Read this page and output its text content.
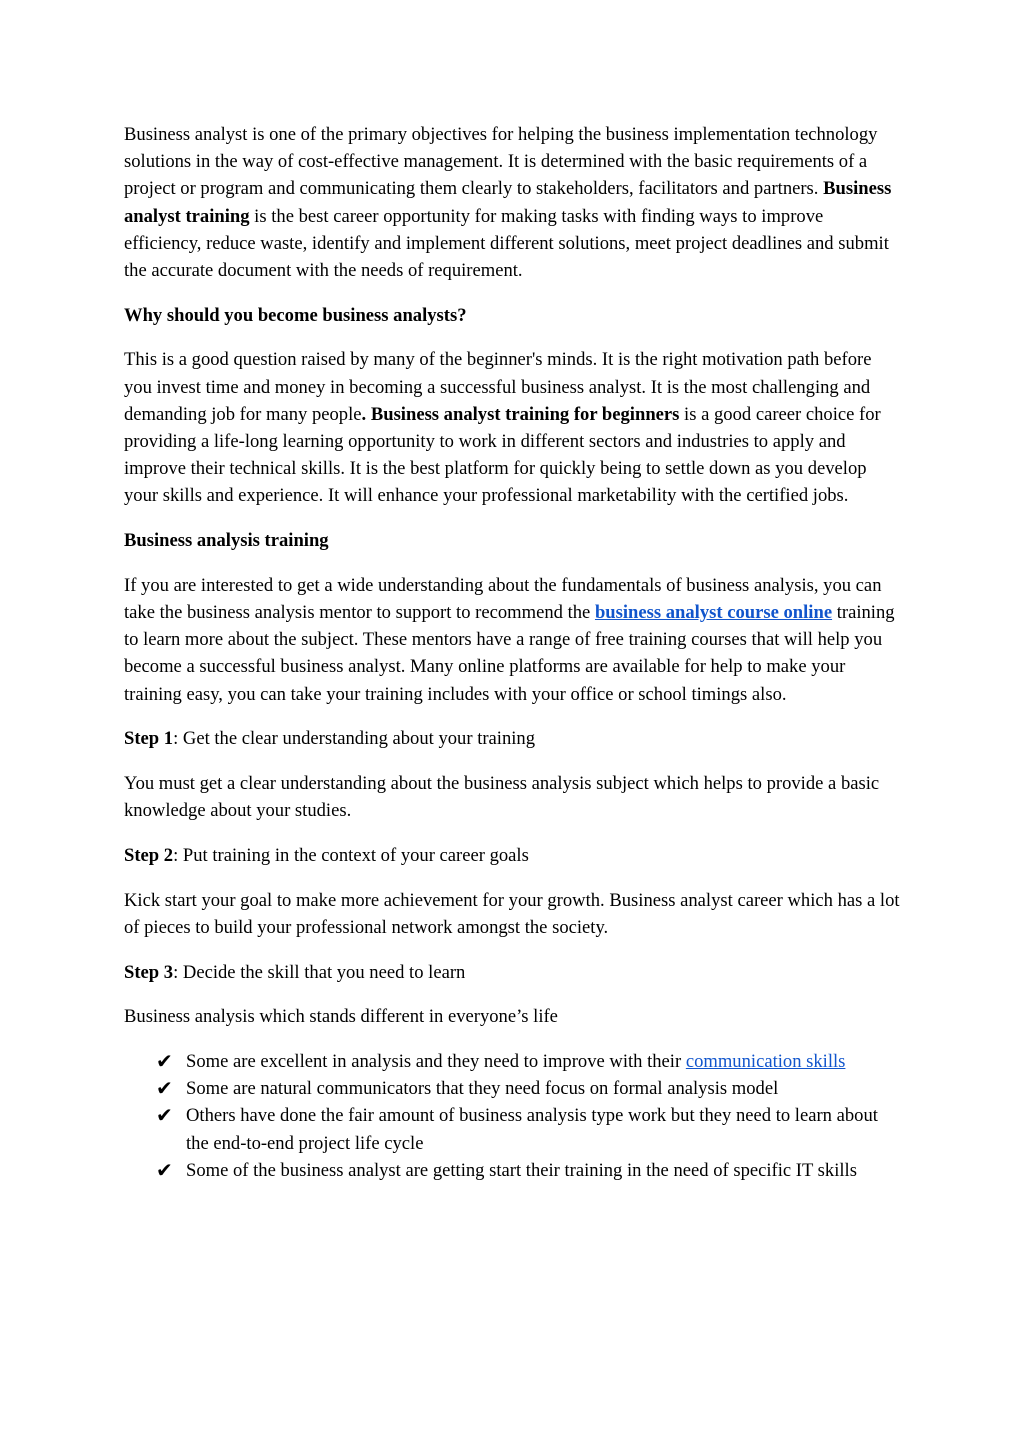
Business analyst is one of the primary objectives for helping the business implementation technology solutions in the way of cost-effective management. It is determined with the basic requirements of a project or program and communicating them clearly to stakeholders, facilitators and partners. Business analyst training is the best career opportunity for making tasks with finding ways to improve efficiency, reduce waste, identify and implement different solutions, meet project deadlines and submit the accurate document with the needs of requirement.

Why should you become business analysts?

This is a good question raised by many of the beginner's minds. It is the right motivation path before you invest time and money in becoming a successful business analyst. It is the most challenging and demanding job for many people. Business analyst training for beginners is a good career choice for providing a life-long learning opportunity to work in different sectors and industries to apply and improve their technical skills. It is the best platform for quickly being to settle down as you develop your skills and experience. It will enhance your professional marketability with the certified jobs.

Business analysis training

If you are interested to get a wide understanding about the fundamentals of business analysis, you can take the business analysis mentor to support to recommend the business analyst course online training to learn more about the subject. These mentors have a range of free training courses that will help you become a successful business analyst. Many online platforms are available for help to make your training easy, you can take your training includes with your office or school timings also.

Step 1: Get the clear understanding about your training

You must get a clear understanding about the business analysis subject which helps to provide a basic knowledge about your studies.

Step 2: Put training in the context of your career goals

Kick start your goal to make more achievement for your growth. Business analyst career which has a lot of pieces to build your professional network amongst the society.

Step 3: Decide the skill that you need to learn

Business analysis which stands different in everyone’s life

✔ Some are excellent in analysis and they need to improve with their communication skills
✔ Some are natural communicators that they need focus on formal analysis model
✔ Others have done the fair amount of business analysis type work but they need to learn about the end-to-end project life cycle
✔ Some of the business analyst are getting start their training in the need of specific IT skills
